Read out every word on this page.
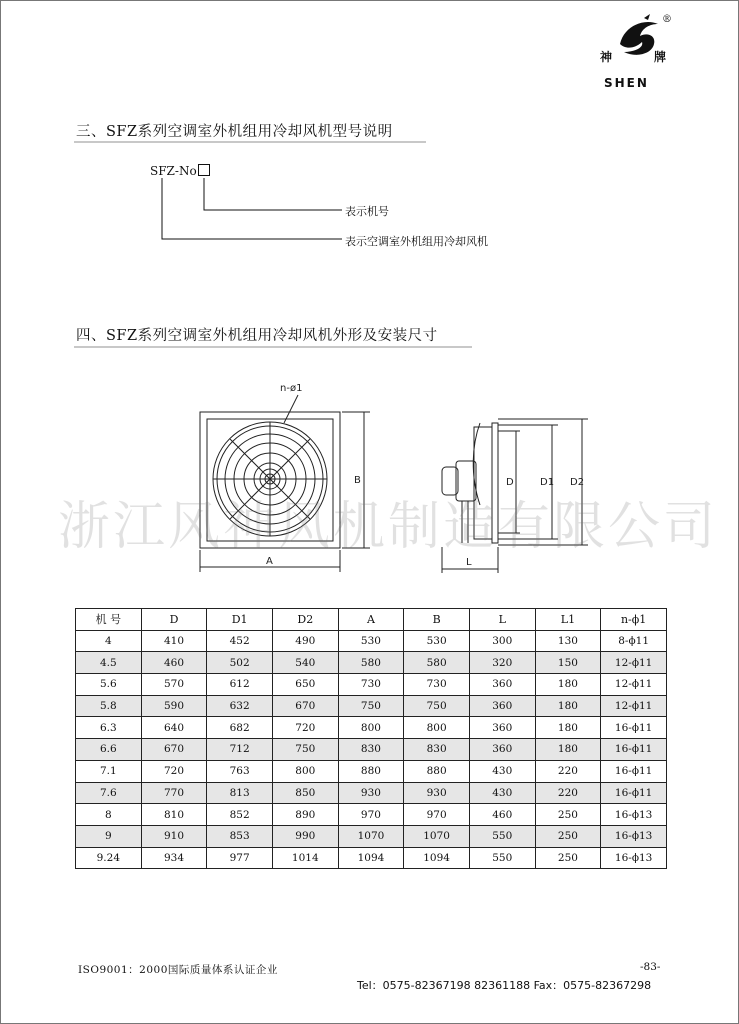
神	牌
®
SHEN
三、SFZ系列空调室外机组用冷却风机型号说明
SFZ-No
表示机号
表示空调室外机组用冷却风机
四、SFZ系列空调室外机组用冷却风机外形及安装尺寸
n-ø1
A
B	D	D1 D2
L
浙江风神风机制造有限公司
机 号	D	D1	D2	A	B	L	L1	n-ϕ1
4	410	452	490	530	530	300	130	8-ϕ11
4.5	460	502	540	580	580	320	150	12-ϕ11
5.6	570	612	650	730	730	360	180	12-ϕ11
5.8	590	632	670	750	750	360	180	12-ϕ11
6.3	640	682	720	800	800	360	180	16-ϕ11
6.6	670	712	750	830	830	360	180	16-ϕ11
7.1	720	763	800	880	880	430	220	16-ϕ11
7.6	770	813	850	930	930	430	220	16-ϕ11
8	810	852	890	970	970	460	250	16-ϕ13
9	910	853	990	1070	1070	550	250	16-ϕ13
9.24	934	977	1014	1094	1094	550	250	16-ϕ13
ISO9001：2000国际质量体系认证企业	-83-
Tel：0575-82367198 82361188 Fax：0575-82367298
